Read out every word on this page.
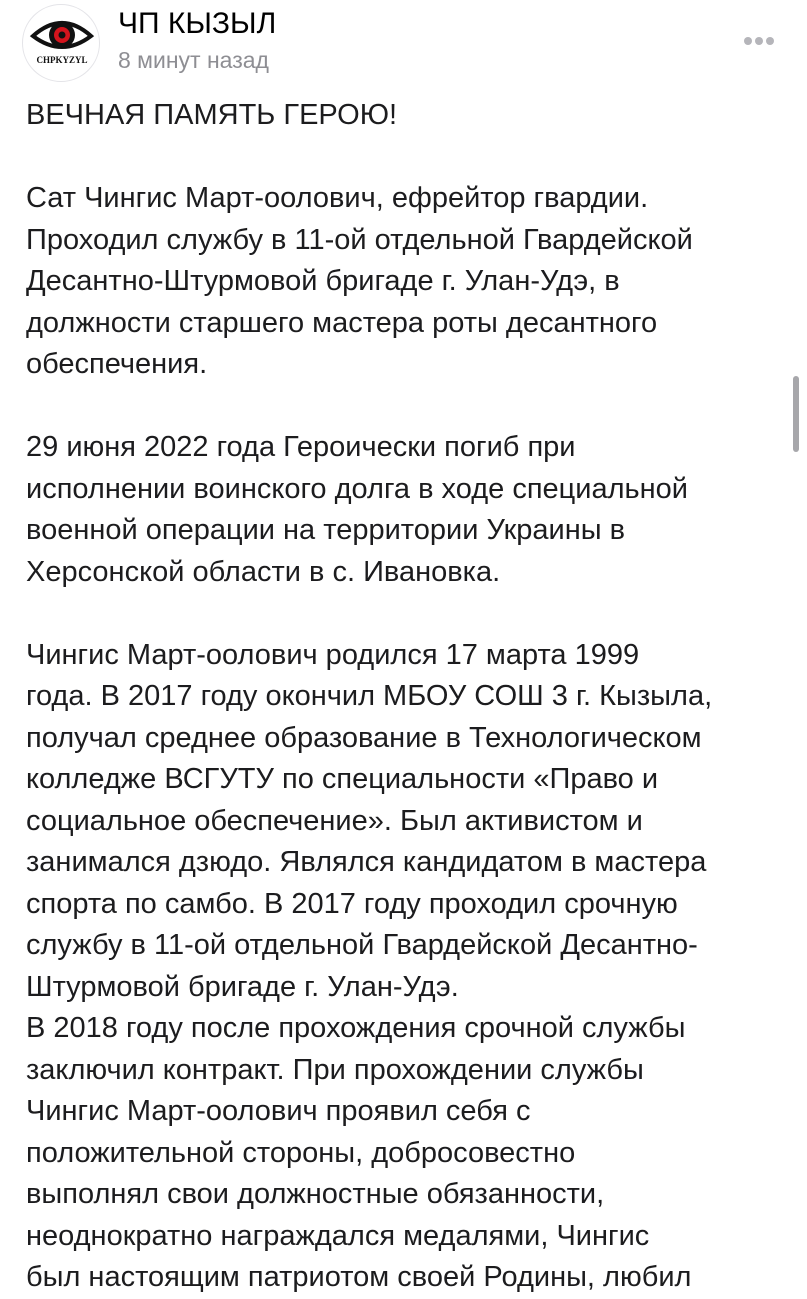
CHPKYZYL
ЧП КЫЗЫЛ
8 минут назад

ВЕЧНАЯ ПАМЯТЬ ГЕРОЮ!

Сат Чингис Март-оолович, ефрейтор гвардии.
Проходил службу в 11-ой отдельной Гвардейской
Десантно-Штурмовой бригаде г. Улан-Удэ, в
должности старшего мастера роты десантного
обеспечения.

29 июня 2022 года Героически погиб при
исполнении воинского долга в ходе специальной
военной операции на территории Украины в
Херсонской области в с. Ивановка.

Чингис Март-оолович родился 17 марта 1999
года. В 2017 году окончил МБОУ СОШ 3 г. Кызыла,
получал среднее образование в Технологическом
колледже ВСГУТУ по специальности «Право и
социальное обеспечение». Был активистом и
занимался дзюдо. Являлся кандидатом в мастера
спорта по самбо. В 2017 году проходил срочную
службу в 11-ой отдельной Гвардейской Десантно-
Штурмовой бригаде г. Улан-Удэ.

В 2018 году после прохождения срочной службы
заключил контракт. При прохождении службы
Чингис Март-оолович проявил себя с
положительной стороны, добросовестно
выполнял свои должностные обязанности,
неоднократно награждался медалями, Чингис
был настоящим патриотом своей Родины, любил
